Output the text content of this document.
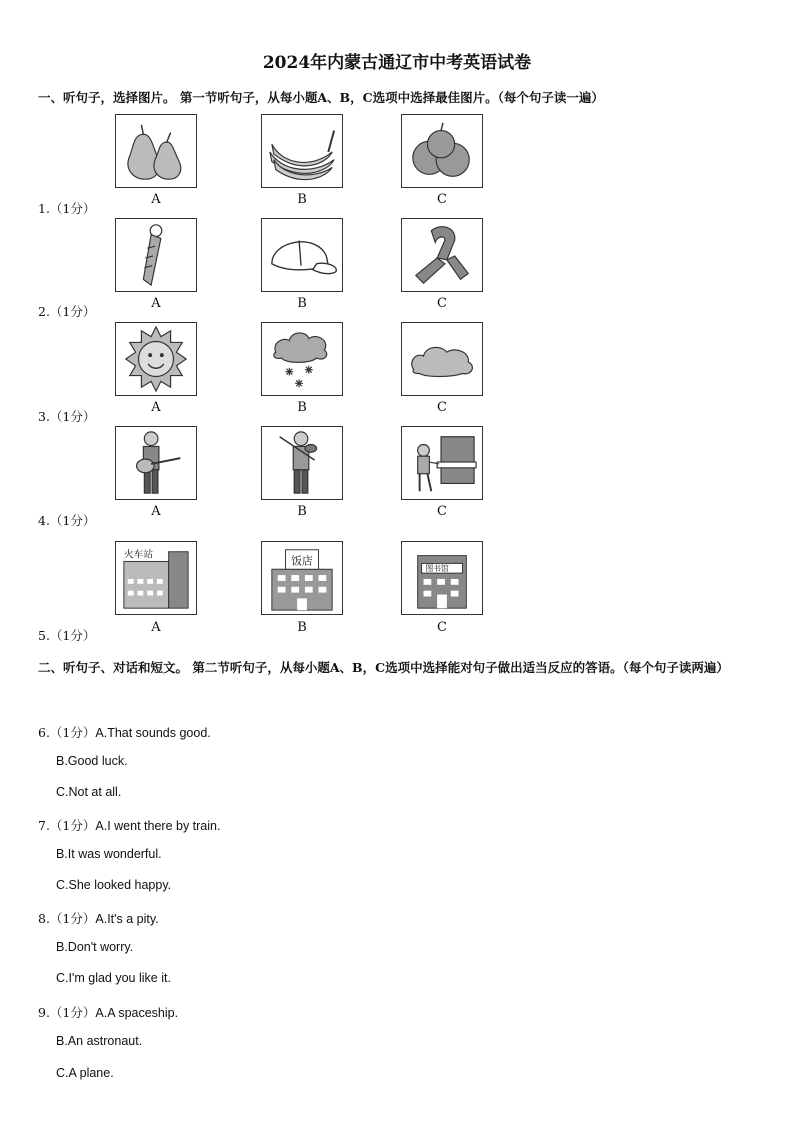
2024年内蒙古通辽市中考英语试卷
一、听句子，选择图片。 第一节听句子，从每小题A、B，C选项中选择最佳图片。（每个句子读一遍）
A	B	C
1.（1分）
A	B	C
2.（1分）
A	B	C
3.（1分）
A	B	C
4.（1分）
火车站	饭店
图书馆
A	B	C
5.（1分）
二、听句子、对话和短文。 第二节听句子，从每小题A、B，C选项中选择能对句子做出适当反应的答语。（每个句子读两遍）
6.（1分）A.That sounds good.
B.Good luck.
C.Not at all.
7.（1分）A.I went there by train.
B.It was wonderful.
C.She looked happy.
8.（1分）A.It's a pity.
B.Don't worry.
C.I'm glad you like it.
9.（1分）A.A spaceship.
B.An astronaut.
C.A plane.
